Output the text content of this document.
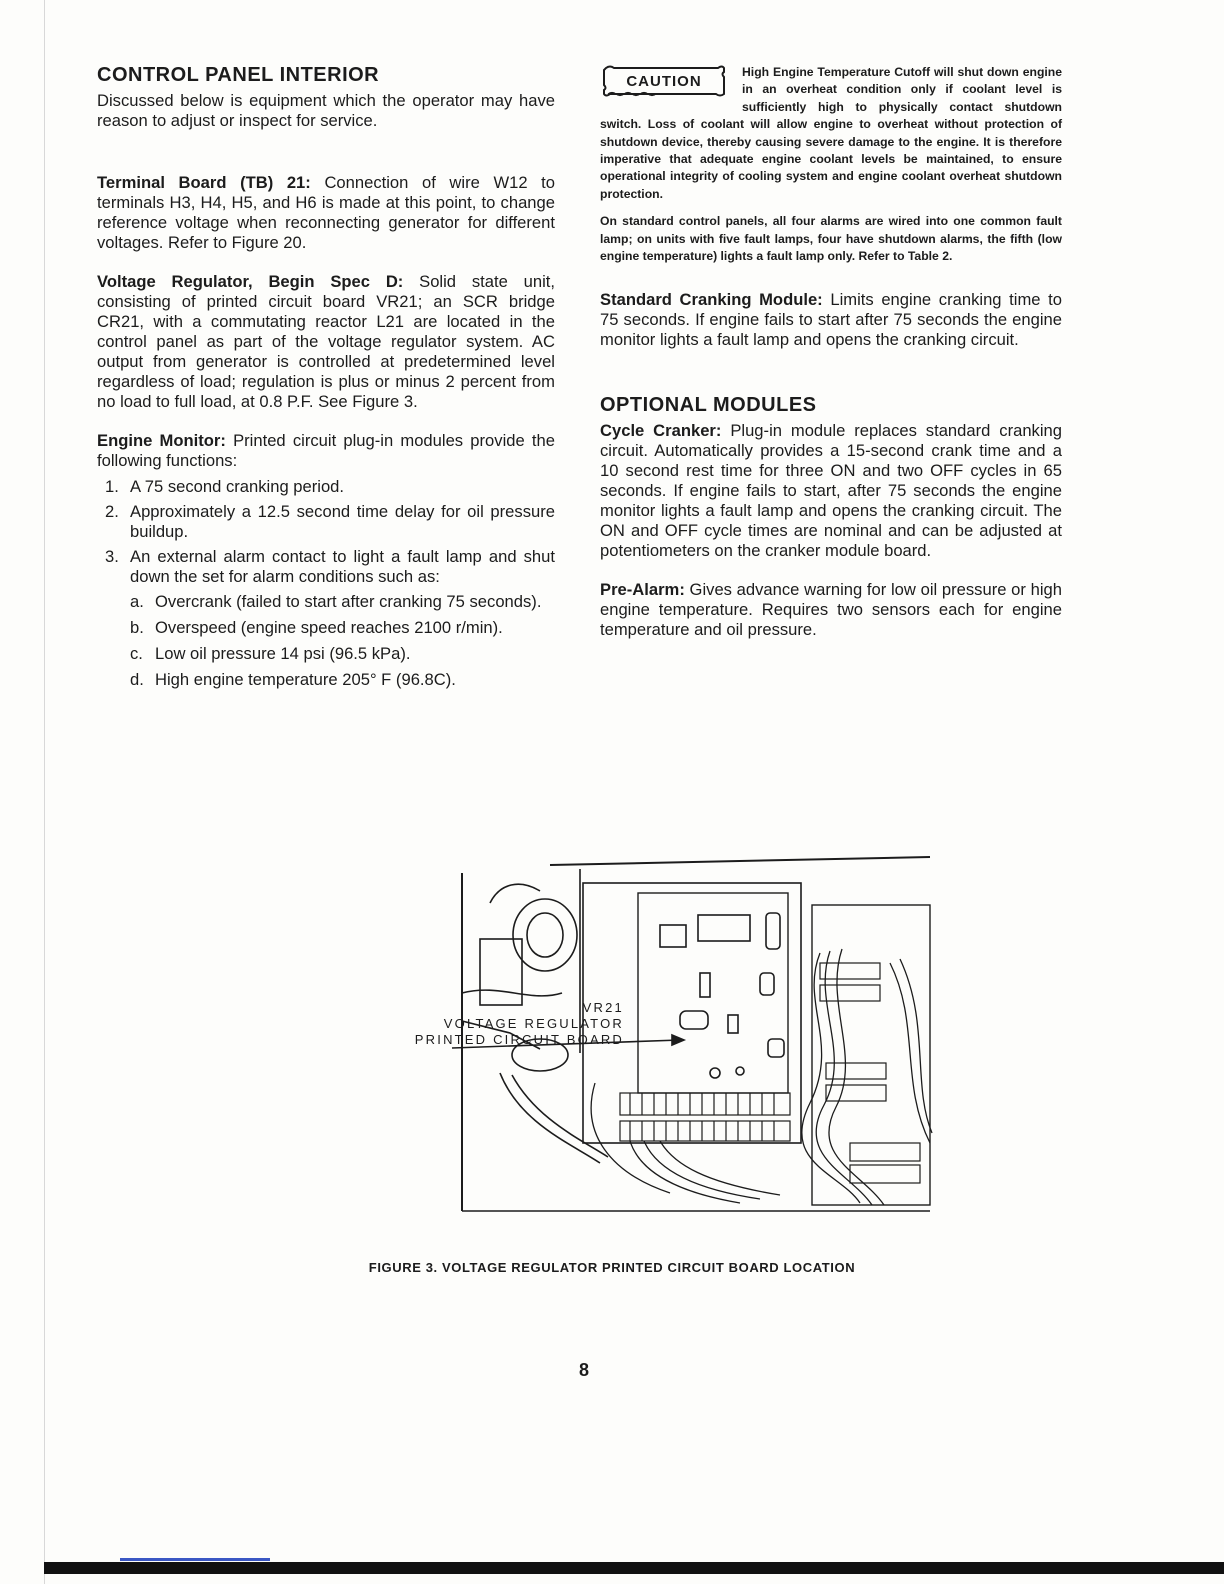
CONTROL PANEL INTERIOR

Discussed below is equipment which the operator may have reason to adjust or inspect for service.

Terminal Board (TB) 21: Connection of wire W12 to terminals H3, H4, H5, and H6 is made at this point, to change reference voltage when reconnecting generator for different voltages. Refer to Figure 20.

Voltage Regulator, Begin Spec D: Solid state unit, consisting of printed circuit board VR21; an SCR bridge CR21, with a commutating reactor L21 are located in the control panel as part of the voltage regulator system. AC output from generator is controlled at predetermined level regardless of load; regulation is plus or minus 2 percent from no load to full load, at 0.8 P.F. See Figure 3.

Engine Monitor: Printed circuit plug-in modules provide the following functions:

1. A 75 second cranking period.
2. Approximately a 12.5 second time delay for oil pressure buildup.
3. An external alarm contact to light a fault lamp and shut down the set for alarm conditions such as:
a. Overcrank (failed to start after cranking 75 seconds).
b. Overspeed (engine speed reaches 2100 r/min).
c. Low oil pressure 14 psi (96.5 kPa).
d. High engine temperature 205° F (96.8C).
CAUTION

High Engine Temperature Cutoff will shut down engine in an overheat condition only if coolant level is sufficiently high to physically contact shutdown switch. Loss of coolant will allow engine to overheat without protection of shutdown device, thereby causing severe damage to the engine. It is therefore imperative that adequate engine coolant levels be maintained, to ensure operational integrity of cooling system and engine coolant overheat shutdown protection.

On standard control panels, all four alarms are wired into one common fault lamp; on units with five fault lamps, four have shutdown alarms, the fifth (low engine temperature) lights a fault lamp only. Refer to Table 2.

Standard Cranking Module: Limits engine cranking time to 75 seconds. If engine fails to start after 75 seconds the engine monitor lights a fault lamp and opens the cranking circuit.

OPTIONAL MODULES

Cycle Cranker: Plug-in module replaces standard cranking circuit. Automatically provides a 15-second crank time and a 10 second rest time for three ON and two OFF cycles in 65 seconds. If engine fails to start, after 75 seconds the engine monitor lights a fault lamp and opens the cranking circuit. The ON and OFF cycle times are nominal and can be adjusted at potentiometers on the cranker module board.

Pre-Alarm: Gives advance warning for low oil pressure or high engine temperature. Requires two sensors each for engine temperature and oil pressure.

VR21
VOLTAGE REGULATOR
PRINTED CIRCUIT BOARD
FIGURE 3. VOLTAGE REGULATOR PRINTED CIRCUIT BOARD LOCATION
8
